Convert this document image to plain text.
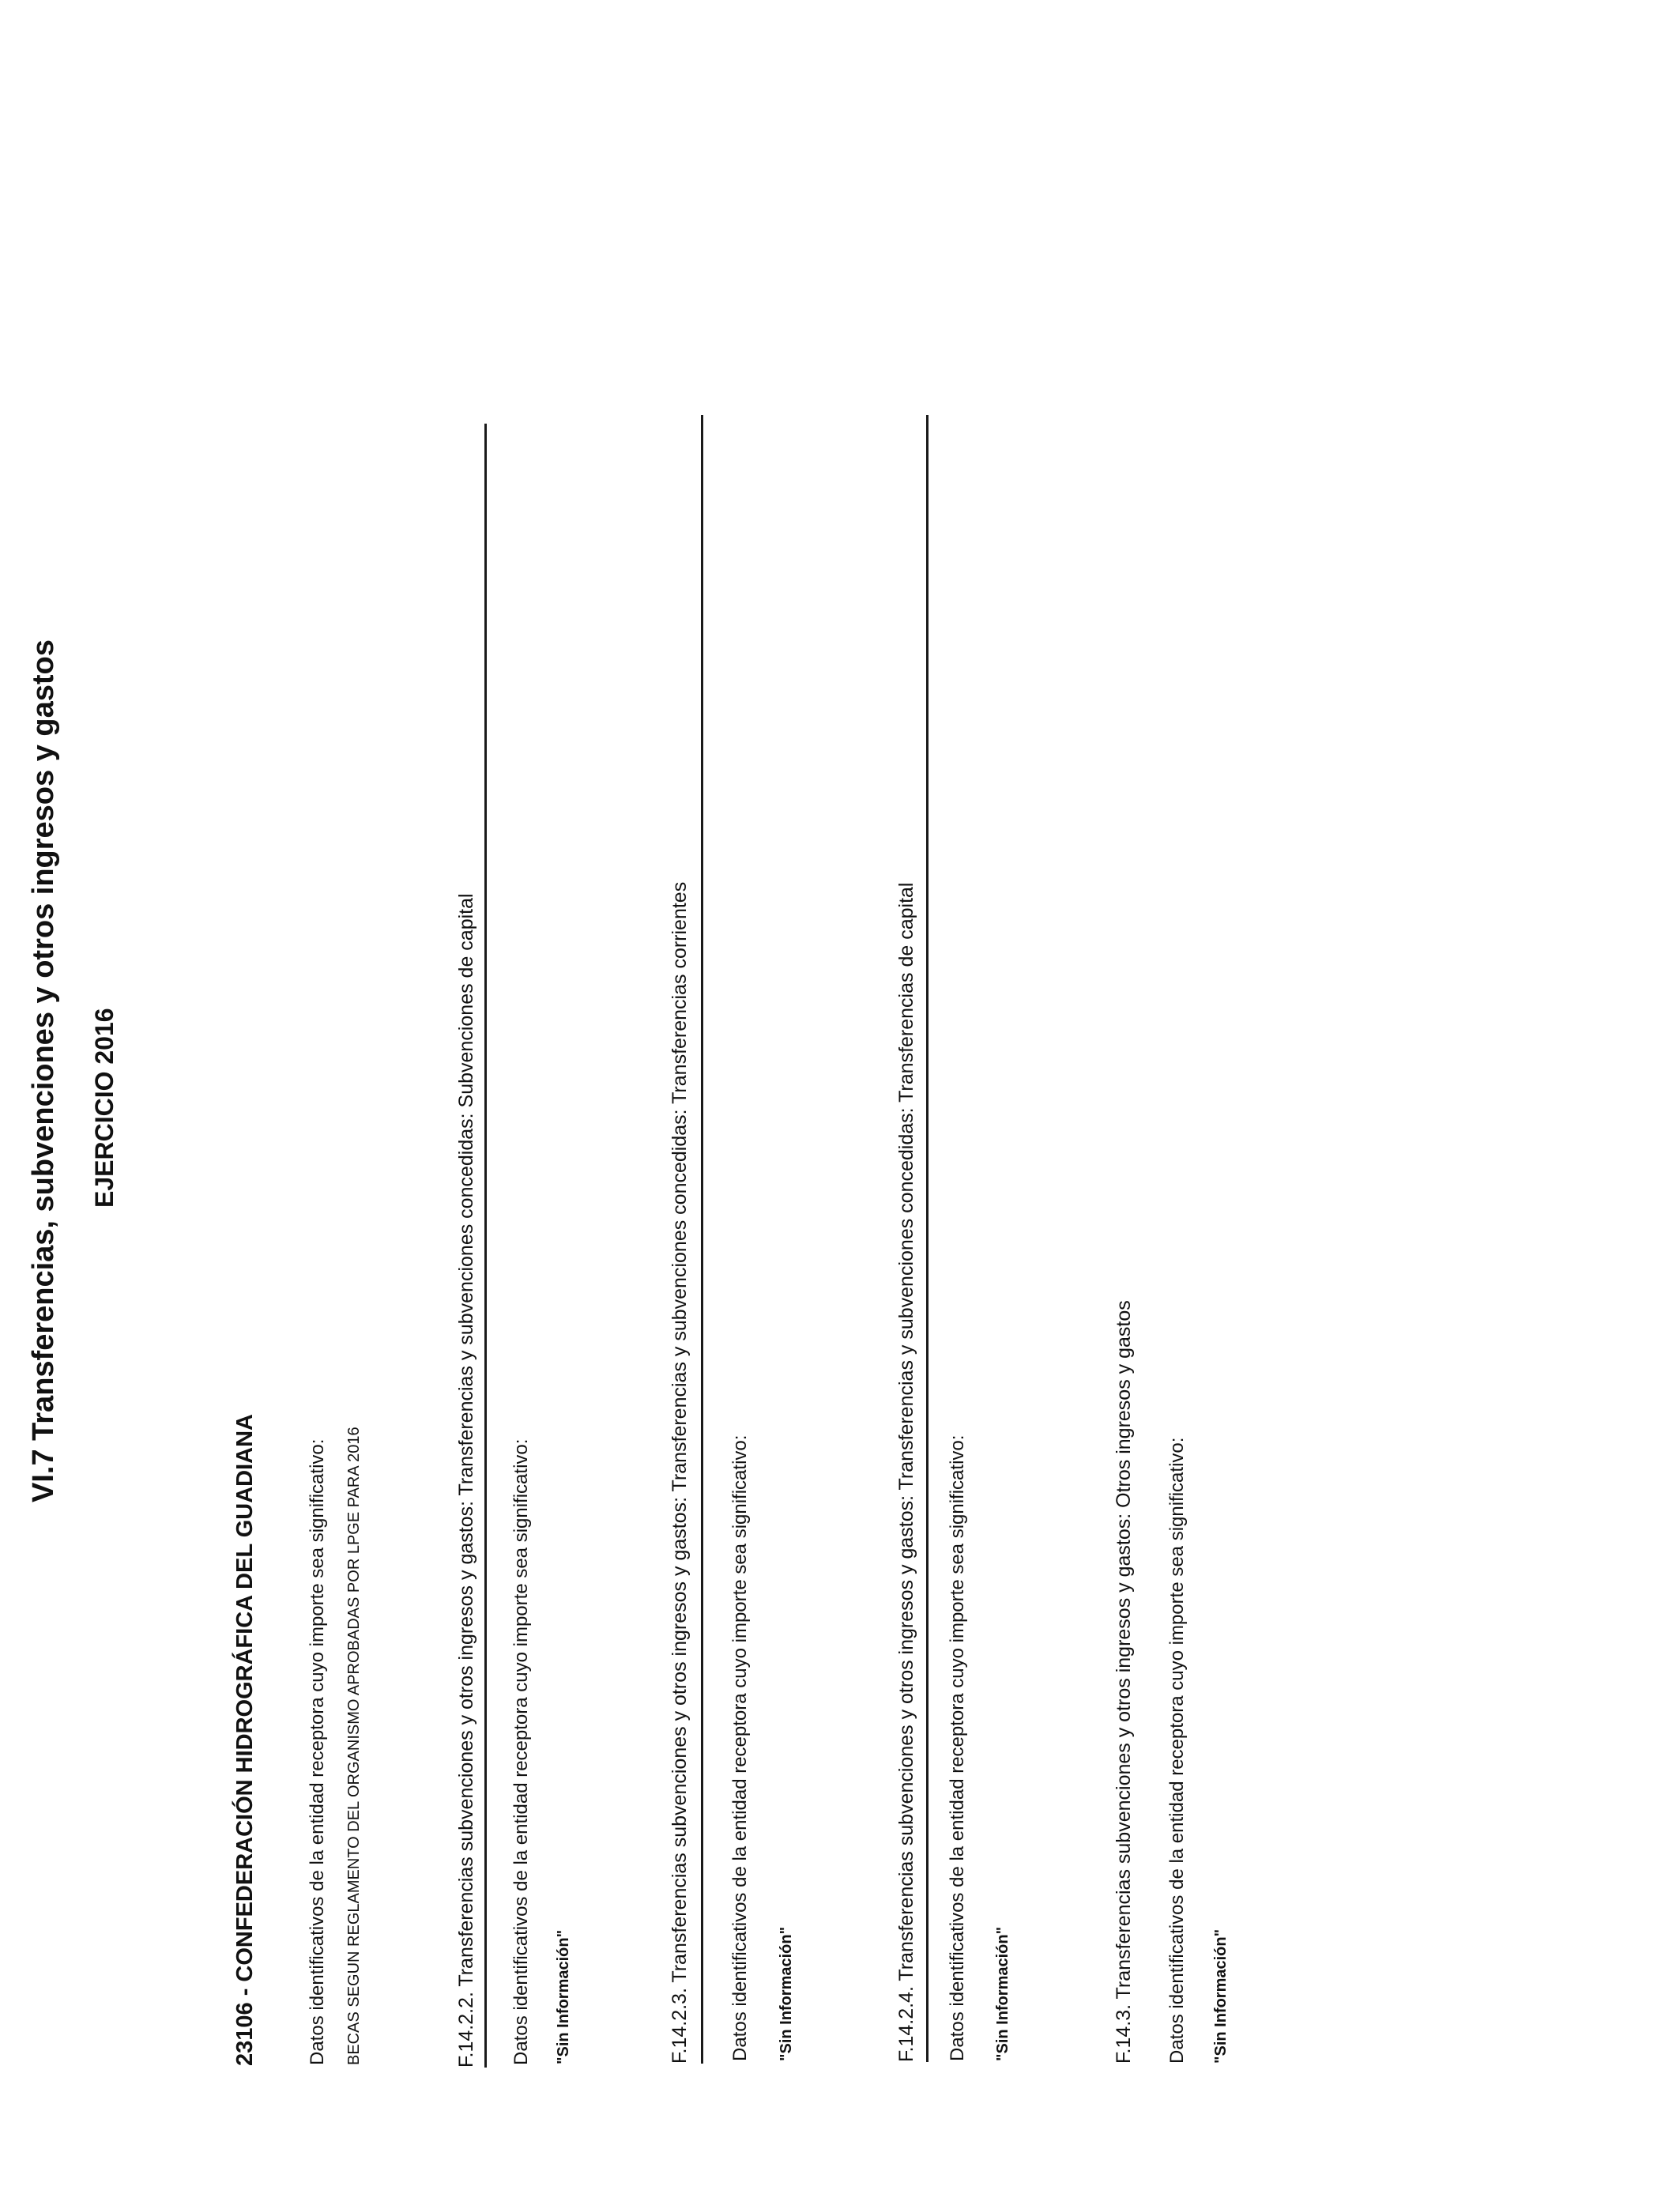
VI.7 Transferencias, subvenciones y otros ingresos y gastos EJERCICIO 2016
23106 - CONFEDERACIÓN HIDROGRÁFICA DEL GUADIANA	Datos identificativos de la entidad receptora cuyo importe sea significativo: BECAS SEGUN REGLAMENTO DEL ORGANISMO APROBADAS POR LPGE PARA 2016	F.14.2.2. Transferencias subvenciones y otros ingresos y gastos: Transferencias y subvenciones concedidas: Subvenciones de capital Datos identificativos de la entidad receptora cuyo importe sea significativo: "Sin Información"	F.14.2.3. Transferencias subvenciones y otros ingresos y gastos: Transferencias y subvenciones concedidas: Transferencias corrientes Datos identificativos de la entidad receptora cuyo importe sea significativo: "Sin Información"	F.14.2.4. Transferencias subvenciones y otros ingresos y gastos: Transferencias y subvenciones concedidas: Transferencias de capital Datos identificativos de la entidad receptora cuyo importe sea significativo: "Sin Información"	F.14.3. Transferencias subvenciones y otros ingresos y gastos: Otros ingresos y gastos Datos identificativos de la entidad receptora cuyo importe sea significativo: "Sin Información"
